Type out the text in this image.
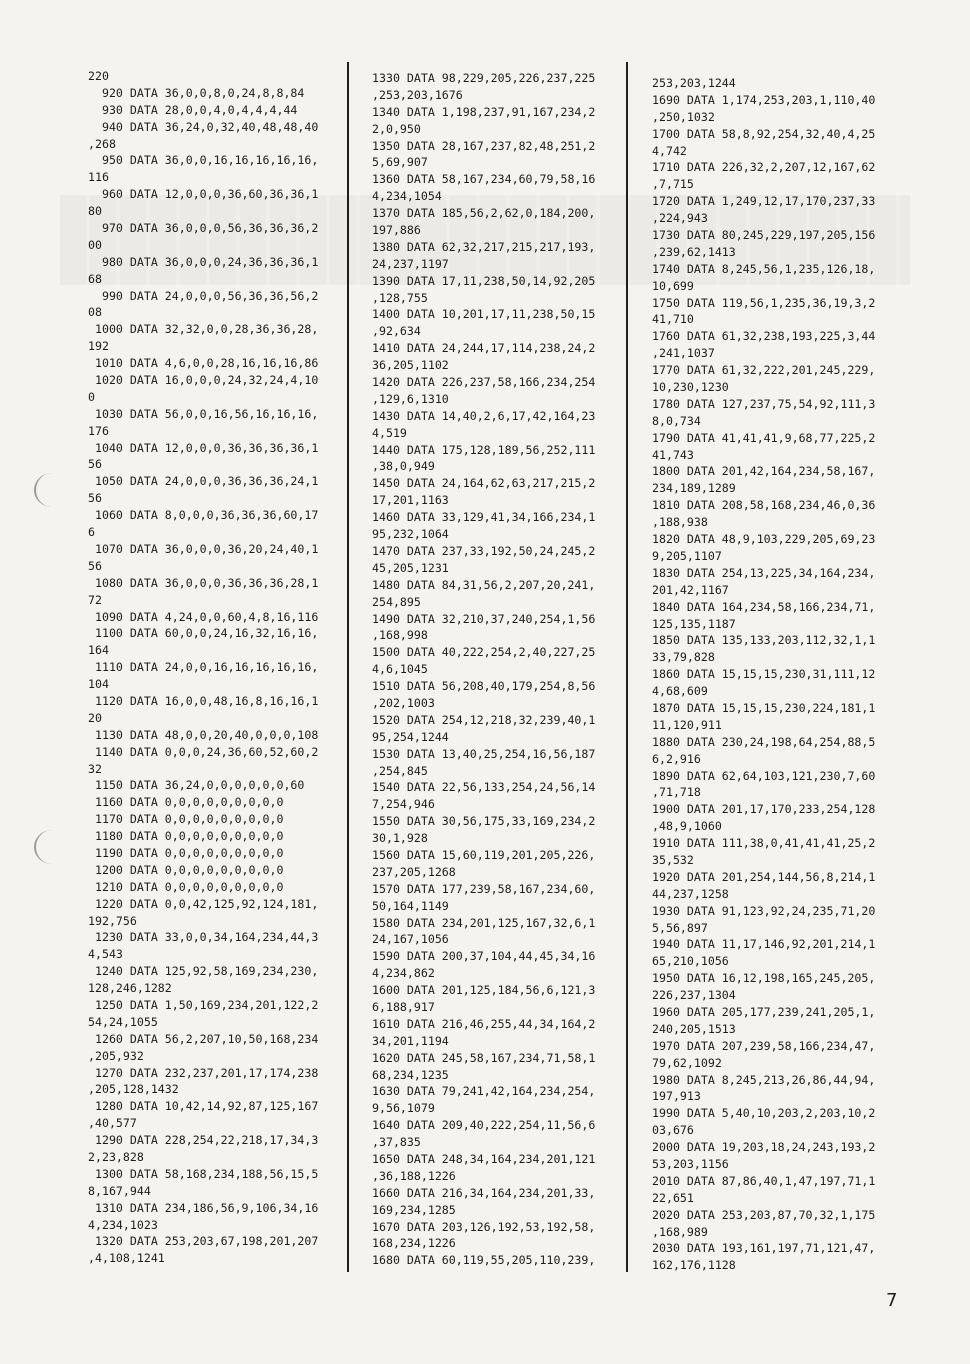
220
920 DATA 36,0,0,8,0,24,8,8,84
930 DATA 28,0,0,4,0,4,4,4,44
940 DATA 36,24,0,32,40,48,48,40
,268
950 DATA 36,0,0,16,16,16,16,16,
116
960 DATA 12,0,0,0,36,60,36,36,1
80
970 DATA 36,0,0,0,56,36,36,36,2
00
980 DATA 36,0,0,0,24,36,36,36,1
68
990 DATA 24,0,0,0,56,36,36,56,2
08
1000 DATA 32,32,0,0,28,36,36,28,
192
1010 DATA 4,6,0,0,28,16,16,16,86
1020 DATA 16,0,0,0,24,32,24,4,10
0
1030 DATA 56,0,0,16,56,16,16,16,
176
1040 DATA 12,0,0,0,36,36,36,36,1
56
1050 DATA 24,0,0,0,36,36,36,24,1
56
1060 DATA 8,0,0,0,36,36,36,60,17
6
1070 DATA 36,0,0,0,36,20,24,40,1
56
1080 DATA 36,0,0,0,36,36,36,28,1
72
1090 DATA 4,24,0,0,60,4,8,16,116
1100 DATA 60,0,0,24,16,32,16,16,
164
1110 DATA 24,0,0,16,16,16,16,16,
104
1120 DATA 16,0,0,48,16,8,16,16,1
20
1130 DATA 48,0,0,20,40,0,0,0,108
1140 DATA 0,0,0,24,36,60,52,60,2
32
1150 DATA 36,24,0,0,0,0,0,0,60
1160 DATA 0,0,0,0,0,0,0,0,0
1170 DATA 0,0,0,0,0,0,0,0,0
1180 DATA 0,0,0,0,0,0,0,0,0
1190 DATA 0,0,0,0,0,0,0,0,0
1200 DATA 0,0,0,0,0,0,0,0,0
1210 DATA 0,0,0,0,0,0,0,0,0
1220 DATA 0,0,42,125,92,124,181,
192,756
1230 DATA 33,0,0,34,164,234,44,3
4,543
1240 DATA 125,92,58,169,234,230,
128,246,1282
1250 DATA 1,50,169,234,201,122,2
54,24,1055
1260 DATA 56,2,207,10,50,168,234
,205,932
1270 DATA 232,237,201,17,174,238
,205,128,1432
1280 DATA 10,42,14,92,87,125,167
,40,577
1290 DATA 228,254,22,218,17,34,3
2,23,828
1300 DATA 58,168,234,188,56,15,5
8,167,944
1310 DATA 234,186,56,9,106,34,16
4,234,1023
1320 DATA 253,203,67,198,201,207
,4,108,1241
1330 DATA 98,229,205,226,237,225
,253,203,1676
1340 DATA 1,198,237,91,167,234,2
2,0,950
1350 DATA 28,167,237,82,48,251,2
5,69,907
1360 DATA 58,167,234,60,79,58,16
4,234,1054
1370 DATA 185,56,2,62,0,184,200,
197,886
1380 DATA 62,32,217,215,217,193,
24,237,1197
1390 DATA 17,11,238,50,14,92,205
,128,755
1400 DATA 10,201,17,11,238,50,15
,92,634
1410 DATA 24,244,17,114,238,24,2
36,205,1102
1420 DATA 226,237,58,166,234,254
,129,6,1310
1430 DATA 14,40,2,6,17,42,164,23
4,519
1440 DATA 175,128,189,56,252,111
,38,0,949
1450 DATA 24,164,62,63,217,215,2
17,201,1163
1460 DATA 33,129,41,34,166,234,1
95,232,1064
1470 DATA 237,33,192,50,24,245,2
45,205,1231
1480 DATA 84,31,56,2,207,20,241,
254,895
1490 DATA 32,210,37,240,254,1,56
,168,998
1500 DATA 40,222,254,2,40,227,25
4,6,1045
1510 DATA 56,208,40,179,254,8,56
,202,1003
1520 DATA 254,12,218,32,239,40,1
95,254,1244
1530 DATA 13,40,25,254,16,56,187
,254,845
1540 DATA 22,56,133,254,24,56,14
7,254,946
1550 DATA 30,56,175,33,169,234,2
30,1,928
1560 DATA 15,60,119,201,205,226,
237,205,1268
1570 DATA 177,239,58,167,234,60,
50,164,1149
1580 DATA 234,201,125,167,32,6,1
24,167,1056
1590 DATA 200,37,104,44,45,34,16
4,234,862
1600 DATA 201,125,184,56,6,121,3
6,188,917
1610 DATA 216,46,255,44,34,164,2
34,201,1194
1620 DATA 245,58,167,234,71,58,1
68,234,1235
1630 DATA 79,241,42,164,234,254,
9,56,1079
1640 DATA 209,40,222,254,11,56,6
,37,835
1650 DATA 248,34,164,234,201,121
,36,188,1226
1660 DATA 216,34,164,234,201,33,
169,234,1285
1670 DATA 203,126,192,53,192,58,
168,234,1226
1680 DATA 60,119,55,205,110,239,
253,203,1244
1690 DATA 1,174,253,203,1,110,40
,250,1032
1700 DATA 58,8,92,254,32,40,4,25
4,742
1710 DATA 226,32,2,207,12,167,62
,7,715
1720 DATA 1,249,12,17,170,237,33
,224,943
1730 DATA 80,245,229,197,205,156
,239,62,1413
1740 DATA 8,245,56,1,235,126,18,
10,699
1750 DATA 119,56,1,235,36,19,3,2
41,710
1760 DATA 61,32,238,193,225,3,44
,241,1037
1770 DATA 61,32,222,201,245,229,
10,230,1230
1780 DATA 127,237,75,54,92,111,3
8,0,734
1790 DATA 41,41,41,9,68,77,225,2
41,743
1800 DATA 201,42,164,234,58,167,
234,189,1289
1810 DATA 208,58,168,234,46,0,36
,188,938
1820 DATA 48,9,103,229,205,69,23
9,205,1107
1830 DATA 254,13,225,34,164,234,
201,42,1167
1840 DATA 164,234,58,166,234,71,
125,135,1187
1850 DATA 135,133,203,112,32,1,1
33,79,828
1860 DATA 15,15,15,230,31,111,12
4,68,609
1870 DATA 15,15,15,230,224,181,1
11,120,911
1880 DATA 230,24,198,64,254,88,5
6,2,916
1890 DATA 62,64,103,121,230,7,60
,71,718
1900 DATA 201,17,170,233,254,128
,48,9,1060
1910 DATA 111,38,0,41,41,41,25,2
35,532
1920 DATA 201,254,144,56,8,214,1
44,237,1258
1930 DATA 91,123,92,24,235,71,20
5,56,897
1940 DATA 11,17,146,92,201,214,1
65,210,1056
1950 DATA 16,12,198,165,245,205,
226,237,1304
1960 DATA 205,177,239,241,205,1,
240,205,1513
1970 DATA 207,239,58,166,234,47,
79,62,1092
1980 DATA 8,245,213,26,86,44,94,
197,913
1990 DATA 5,40,10,203,2,203,10,2
03,676
2000 DATA 19,203,18,24,243,193,2
53,203,1156
2010 DATA 87,86,40,1,47,197,71,1
22,651
2020 DATA 253,203,87,70,32,1,175
,168,989
2030 DATA 193,161,197,71,121,47,
162,176,1128
7
